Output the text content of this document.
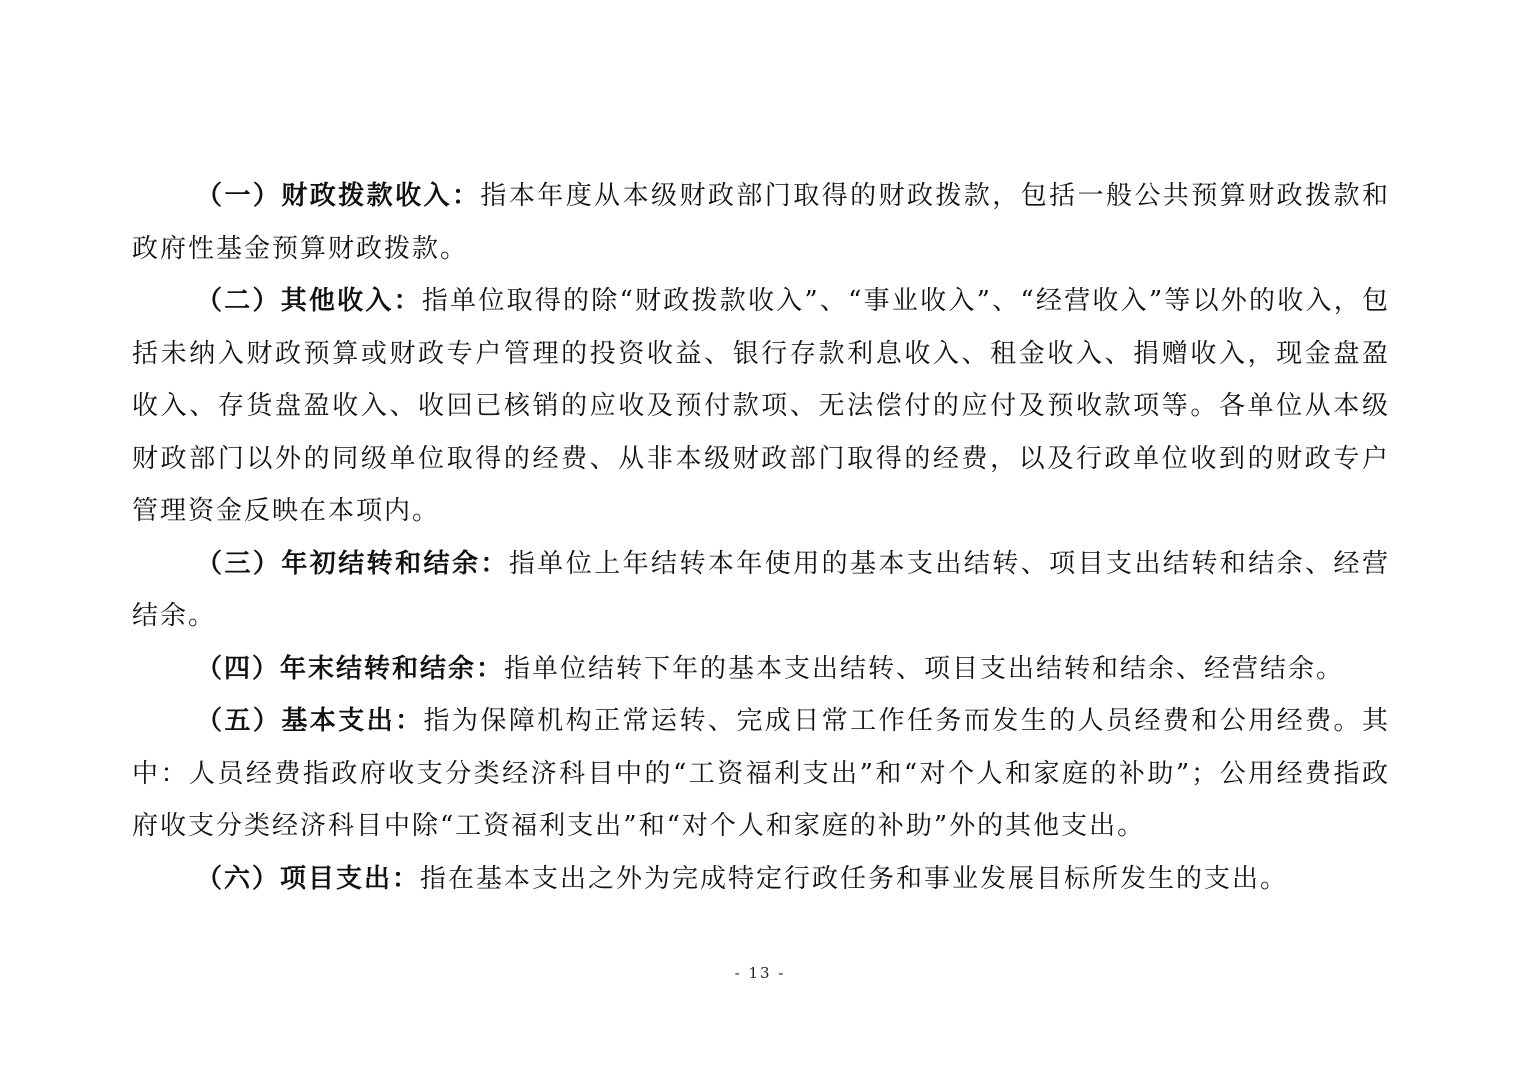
（一）财政拨款收入：指本年度从本级财政部门取得的财政拨款，包括一般公共预算财政拨款和政府性基金预算财政拨款。

（二）其他收入：指单位取得的除“财政拨款收入”、“事业收入”、“经营收入”等以外的收入，包括未纳入财政预算或财政专户管理的投资收益、银行存款利息收入、租金收入、捐赠收入，现金盘盈收入、存货盘盈收入、收回已核销的应收及预付款项、无法偿付的应付及预收款项等。各单位从本级财政部门以外的同级单位取得的经费、从非本级财政部门取得的经费，以及行政单位收到的财政专户管理资金反映在本项内。

（三）年初结转和结余：指单位上年结转本年使用的基本支出结转、项目支出结转和结余、经营结余。

（四）年末结转和结余：指单位结转下年的基本支出结转、项目支出结转和结余、经营结余。

（五）基本支出：指为保障机构正常运转、完成日常工作任务而发生的人员经费和公用经费。其中：人员经费指政府收支分类经济科目中的“工资福利支出”和“对个人和家庭的补助”；公用经费指政府收支分类经济科目中除“工资福利支出”和“对个人和家庭的补助”外的其他支出。

（六）项目支出：指在基本支出之外为完成特定行政任务和事业发展目标所发生的支出。

- 13 -
